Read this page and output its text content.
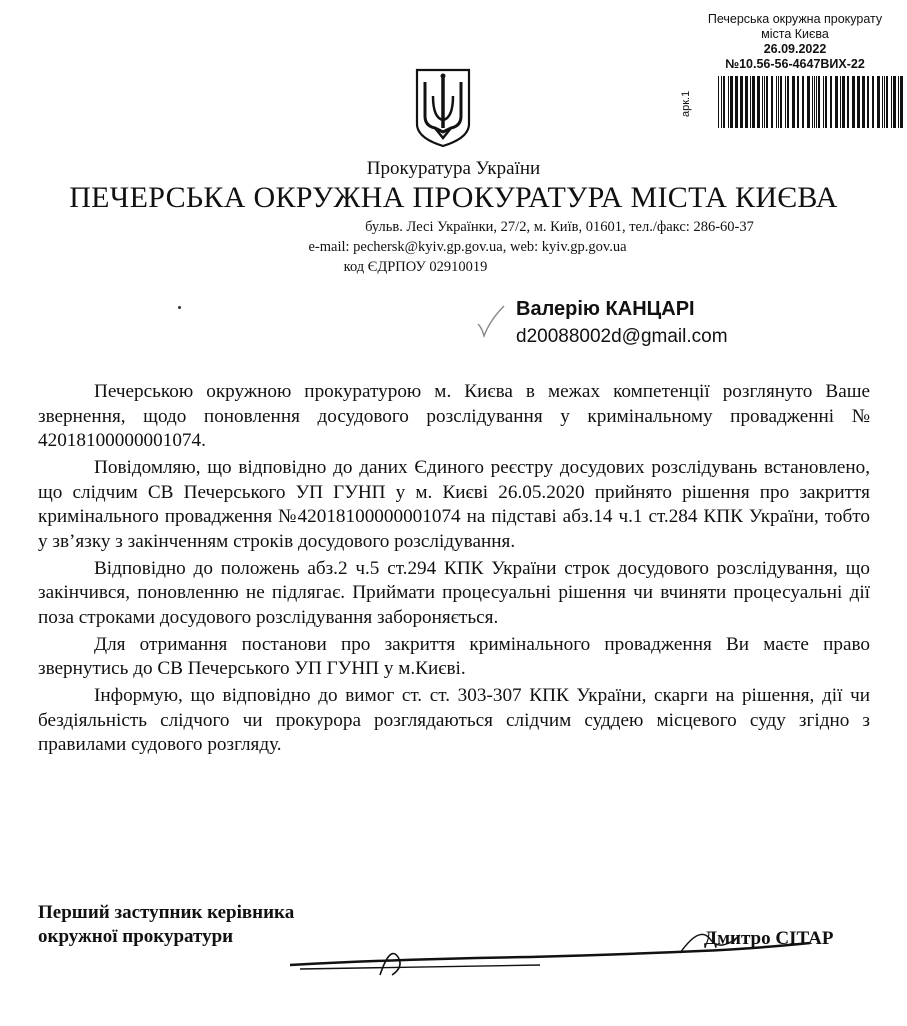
Печерська окружна прокурату
міста Києва
26.09.2022
№10.56-56-4647ВИХ-22
арк.1
Прокуратура України
ПЕЧЕРСЬКА ОКРУЖНА ПРОКУРАТУРА МІСТА КИЄВА
бульв. Лесі Українки, 27/2, м. Київ, 01601, тел./факс: 286-60-37
e-mail: pechersk@kyiv.gp.gov.ua, web: kyiv.gp.gov.ua
код ЄДРПОУ 02910019
Валерію КАНЦАРІ
d20088002d@gmail.com

Печерською окружною прокуратурою м. Києва в межах компетенції розглянуто Ваше звернення, щодо поновлення досудового розслідування у кримінальному провадженні № 42018100000001074.

Повідомляю, що відповідно до даних Єдиного реєстру досудових розслідувань встановлено, що слідчим СВ Печерського УП ГУНП у м. Києві 26.05.2020 прийнято рішення про закриття кримінального провадження №42018100000001074 на підставі абз.14 ч.1 ст.284 КПК України, тобто у зв’язку з закінченням строків досудового розслідування.

Відповідно до положень абз.2 ч.5 ст.294 КПК України строк досудового розслідування, що закінчився, поновленню не підлягає. Приймати процесуальні рішення чи вчиняти процесуальні дії поза строками досудового розслідування забороняється.

Для отримання постанови про закриття кримінального провадження Ви маєте право звернутись до СВ Печерського УП ГУНП у м.Києві.

Інформую, що відповідно до вимог ст. ст. 303-307 КПК України, скарги на рішення, дії чи бездіяльність слідчого чи прокурора розглядаються слідчим суддею місцевого суду згідно з правилами судового розгляду.

Перший заступник керівника
окружної прокуратури	Дмитро СІТАР
